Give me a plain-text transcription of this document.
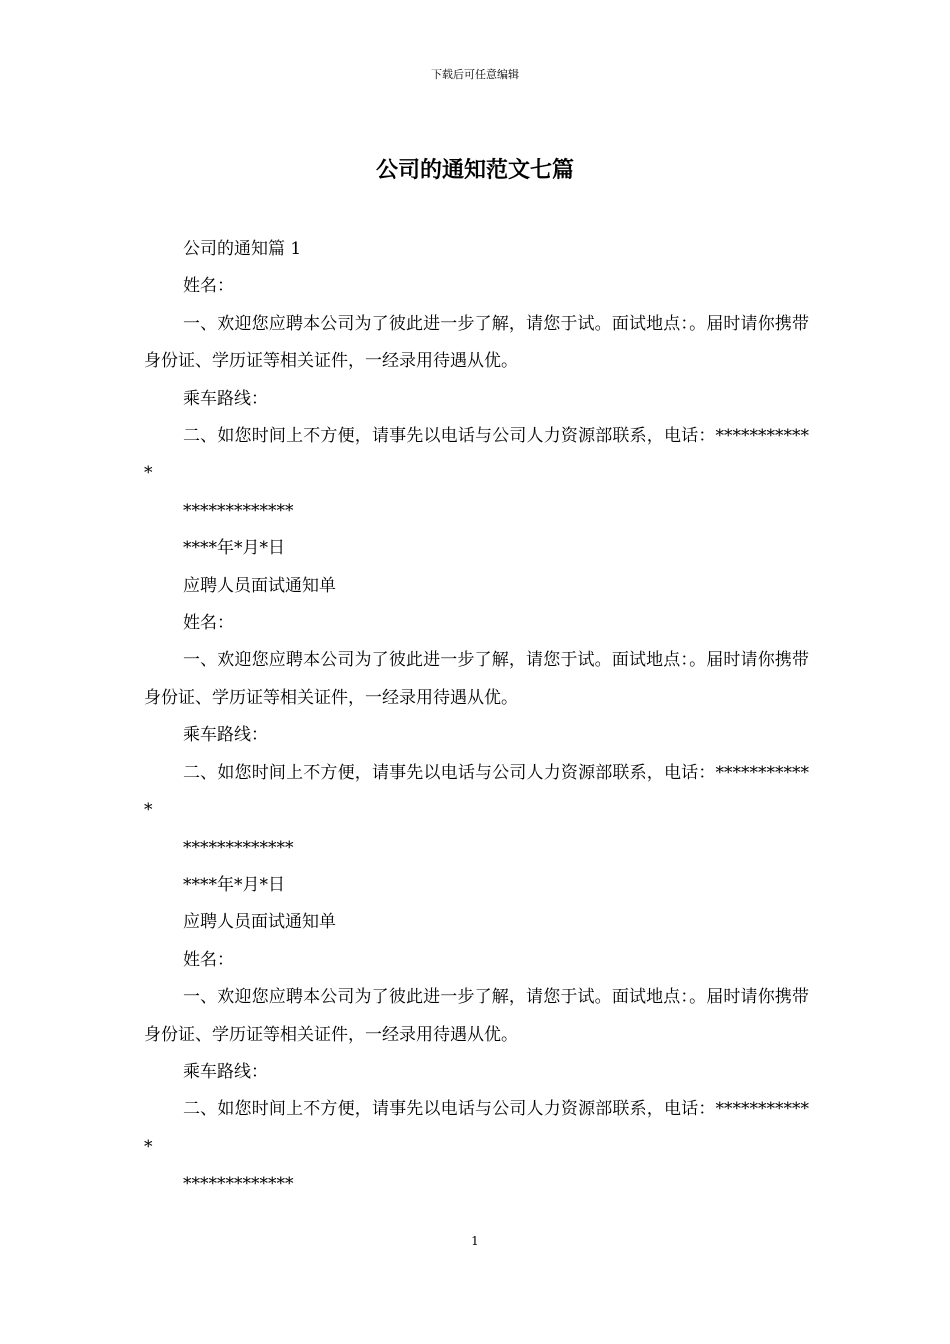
下载后可任意编辑
公司的通知范文七篇

公司的通知篇 1

姓名：

一、欢迎您应聘本公司为了彼此进一步了解，请您于试。面试地点：。届时请你携带身份证、学历证等相关证件，一经录用待遇从优。

乘车路线：

二、如您时间上不方便，请事先以电话与公司人力资源部联系，电话：************

*************

****年*月*日

应聘人员面试通知单

姓名：

一、欢迎您应聘本公司为了彼此进一步了解，请您于试。面试地点：。届时请你携带身份证、学历证等相关证件，一经录用待遇从优。

乘车路线：

二、如您时间上不方便，请事先以电话与公司人力资源部联系，电话：************

*************

****年*月*日

应聘人员面试通知单

姓名：

一、欢迎您应聘本公司为了彼此进一步了解，请您于试。面试地点：。届时请你携带身份证、学历证等相关证件，一经录用待遇从优。

乘车路线：

二、如您时间上不方便，请事先以电话与公司人力资源部联系，电话：************

*************

1
